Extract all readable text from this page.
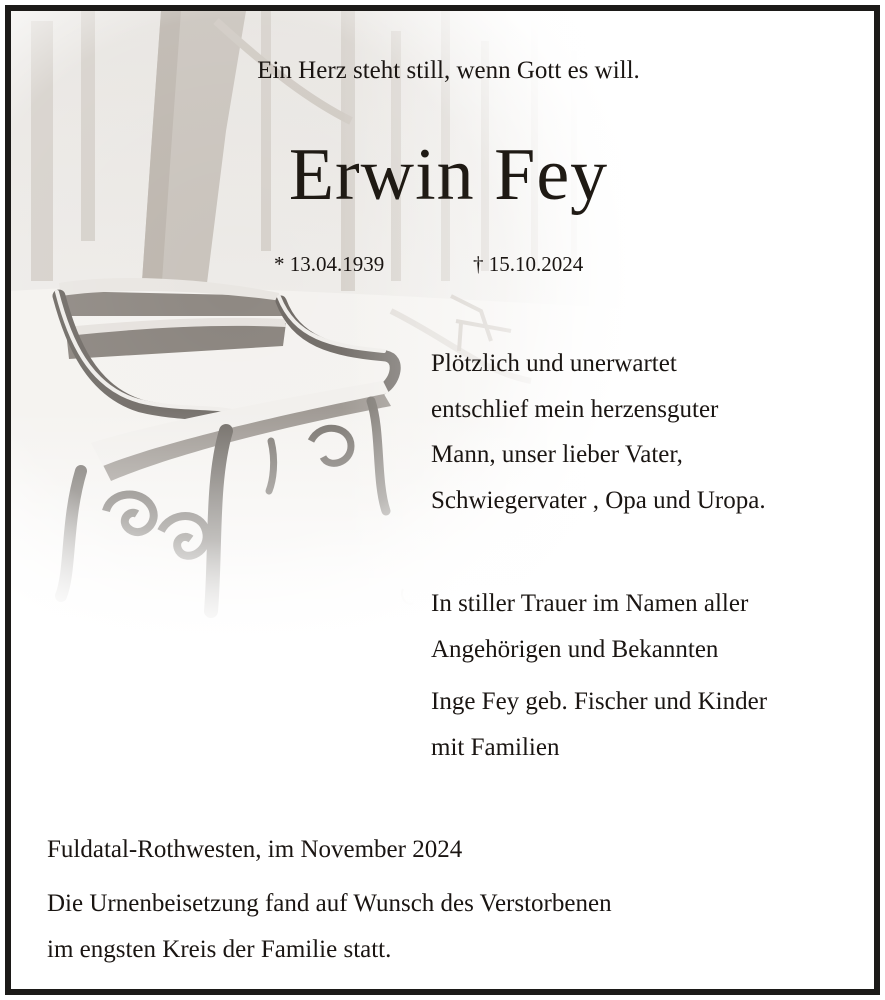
Ein Herz steht still, wenn Gott es will.
Erwin Fey
* 13.04.1939	† 15.10.2024
Plötzlich und unerwartet
entschlief mein herzensguter
Mann, unser lieber Vater,
Schwiegervater , Opa und Uropa.
In stiller Trauer im Namen aller
Angehörigen und Bekannten
Inge Fey geb. Fischer und Kinder
mit Familien
Fuldatal-Rothwesten, im November 2024
Die Urnenbeisetzung fand auf Wunsch des Verstorbenen
im engsten Kreis der Familie statt.
